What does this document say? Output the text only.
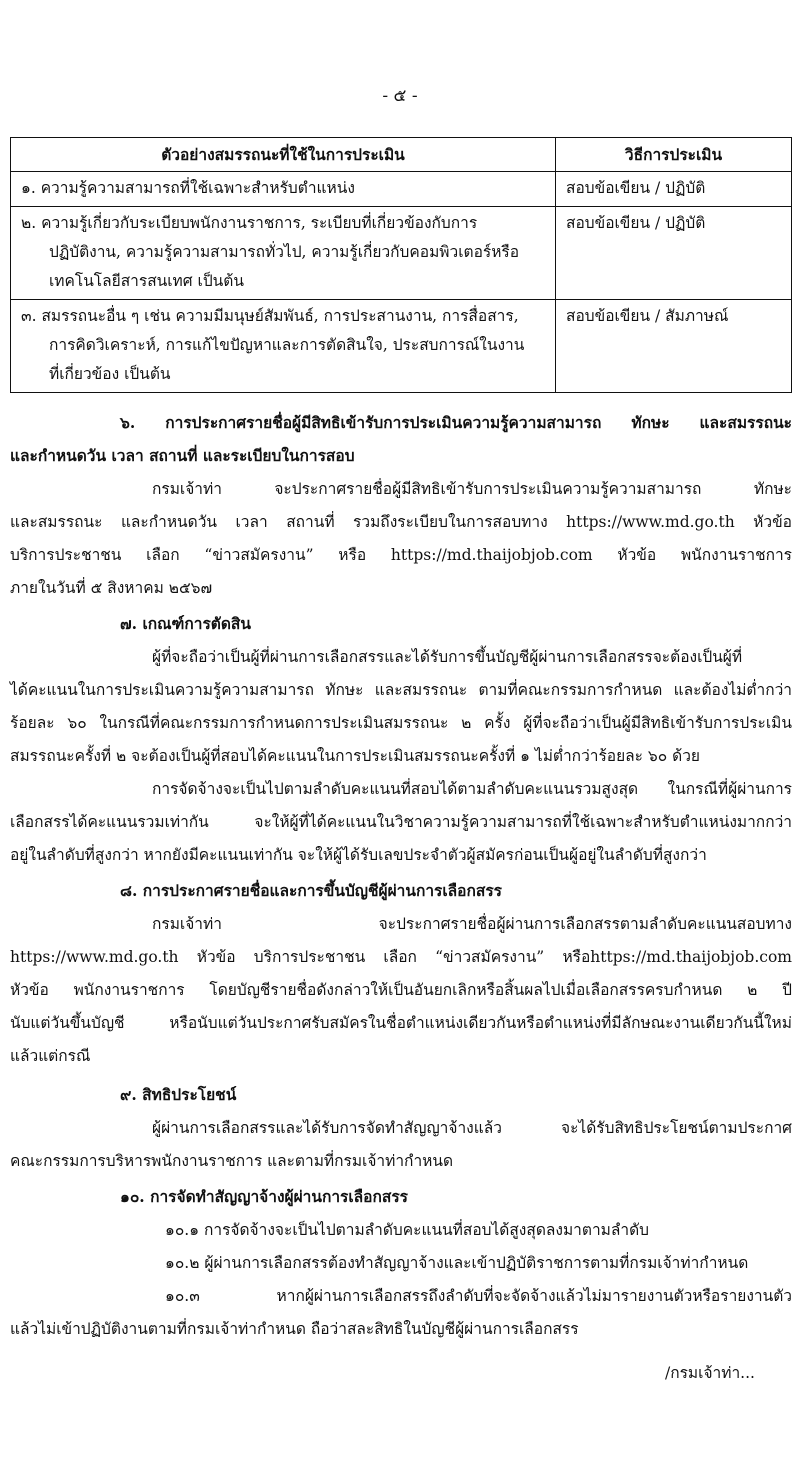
- ๕ -
ตัวอย่างสมรรถนะที่ใช้ในการประเมิน	วิธีการประเมิน

๑. ความรู้ความสามารถที่ใช้เฉพาะสำหรับตำแหน่ง	สอบข้อเขียน / ปฏิบัติ

๒. ความรู้เกี่ยวกับระเบียบพนักงานราชการ, ระเบียบที่เกี่ยวข้องกับการ
ปฏิบัติงาน, ความรู้ความสามารถทั่วไป, ความรู้เกี่ยวกับคอมพิวเตอร์หรือ
เทคโนโลยีสารสนเทศ เป็นต้น	สอบข้อเขียน / ปฏิบัติ

๓. สมรรถนะอื่น ๆ เช่น ความมีมนุษย์สัมพันธ์, การประสานงาน, การสื่อสาร,
การคิดวิเคราะห์, การแก้ไขปัญหาและการตัดสินใจ, ประสบการณ์ในงาน
ที่เกี่ยวข้อง เป็นต้น	สอบข้อเขียน / สัมภาษณ์
๖. การประกาศรายชื่อผู้มีสิทธิเข้ารับการประเมินความรู้ความสามารถ ทักษะ และสมรรถนะ
และกำหนดวัน เวลา สถานที่ และระเบียบในการสอบ
กรมเจ้าท่า จะประกาศรายชื่อผู้มีสิทธิเข้ารับการประเมินความรู้ความสามารถ ทักษะ
และสมรรถนะ และกำหนดวัน เวลา สถานที่ รวมถึงระเบียบในการสอบทาง https://www.md.go.th หัวข้อ
บริการประชาชน เลือก “ข่าวสมัครงาน” หรือ https://md.thaijobjob.com หัวข้อ พนักงานราชการ
ภายในวันที่ ๕ สิงหาคม ๒๕๖๗
๗. เกณฑ์การตัดสิน
ผู้ที่จะถือว่าเป็นผู้ที่ผ่านการเลือกสรรและได้รับการขึ้นบัญชีผู้ผ่านการเลือกสรรจะต้องเป็นผู้ที่
ได้คะแนนในการประเมินความรู้ความสามารถ ทักษะ และสมรรถนะ ตามที่คณะกรรมการกำหนด และต้องไม่ต่ำกว่า
ร้อยละ ๖๐ ในกรณีที่คณะกรรมการกำหนดการประเมินสมรรถนะ ๒ ครั้ง ผู้ที่จะถือว่าเป็นผู้มีสิทธิเข้ารับการประเมิน
สมรรถนะครั้งที่ ๒ จะต้องเป็นผู้ที่สอบได้คะแนนในการประเมินสมรรถนะครั้งที่ ๑ ไม่ต่ำกว่าร้อยละ ๖๐ ด้วย
การจัดจ้างจะเป็นไปตามลำดับคะแนนที่สอบได้ตามลำดับคะแนนรวมสูงสุด ในกรณีที่ผู้ผ่านการ
เลือกสรรได้คะแนนรวมเท่ากัน จะให้ผู้ที่ได้คะแนนในวิชาความรู้ความสามารถที่ใช้เฉพาะสำหรับตำแหน่งมากกว่า
อยู่ในลำดับที่สูงกว่า หากยังมีคะแนนเท่ากัน จะให้ผู้ได้รับเลขประจำตัวผู้สมัครก่อนเป็นผู้อยู่ในลำดับที่สูงกว่า
๘. การประกาศรายชื่อและการขึ้นบัญชีผู้ผ่านการเลือกสรร
กรมเจ้าท่า จะประกาศรายชื่อผู้ผ่านการเลือกสรรตามลำดับคะแนนสอบทาง
https://www.md.go.th หัวข้อ บริการประชาชน เลือก “ข่าวสมัครงาน” หรือhttps://md.thaijobjob.com
หัวข้อ พนักงานราชการ โดยบัญชีรายชื่อดังกล่าวให้เป็นอันยกเลิกหรือสิ้นผลไปเมื่อเลือกสรรครบกำหนด ๒ ปี
นับแต่วันขึ้นบัญชี หรือนับแต่วันประกาศรับสมัครในชื่อตำแหน่งเดียวกันหรือตำแหน่งที่มีลักษณะงานเดียวกันนี้ใหม่
แล้วแต่กรณี
๙. สิทธิประโยชน์
ผู้ผ่านการเลือกสรรและได้รับการจัดทำสัญญาจ้างแล้ว จะได้รับสิทธิประโยชน์ตามประกาศ
คณะกรรมการบริหารพนักงานราชการ และตามที่กรมเจ้าท่ากำหนด
๑๐. การจัดทำสัญญาจ้างผู้ผ่านการเลือกสรร
๑๐.๑ การจัดจ้างจะเป็นไปตามลำดับคะแนนที่สอบได้สูงสุดลงมาตามลำดับ
๑๐.๒ ผู้ผ่านการเลือกสรรต้องทำสัญญาจ้างและเข้าปฏิบัติราชการตามที่กรมเจ้าท่ากำหนด
๑๐.๓ หากผู้ผ่านการเลือกสรรถึงลำดับที่จะจัดจ้างแล้วไม่มารายงานตัวหรือรายงานตัว
แล้วไม่เข้าปฏิบัติงานตามที่กรมเจ้าท่ากำหนด ถือว่าสละสิทธิในบัญชีผู้ผ่านการเลือกสรร
/กรมเจ้าท่า...
